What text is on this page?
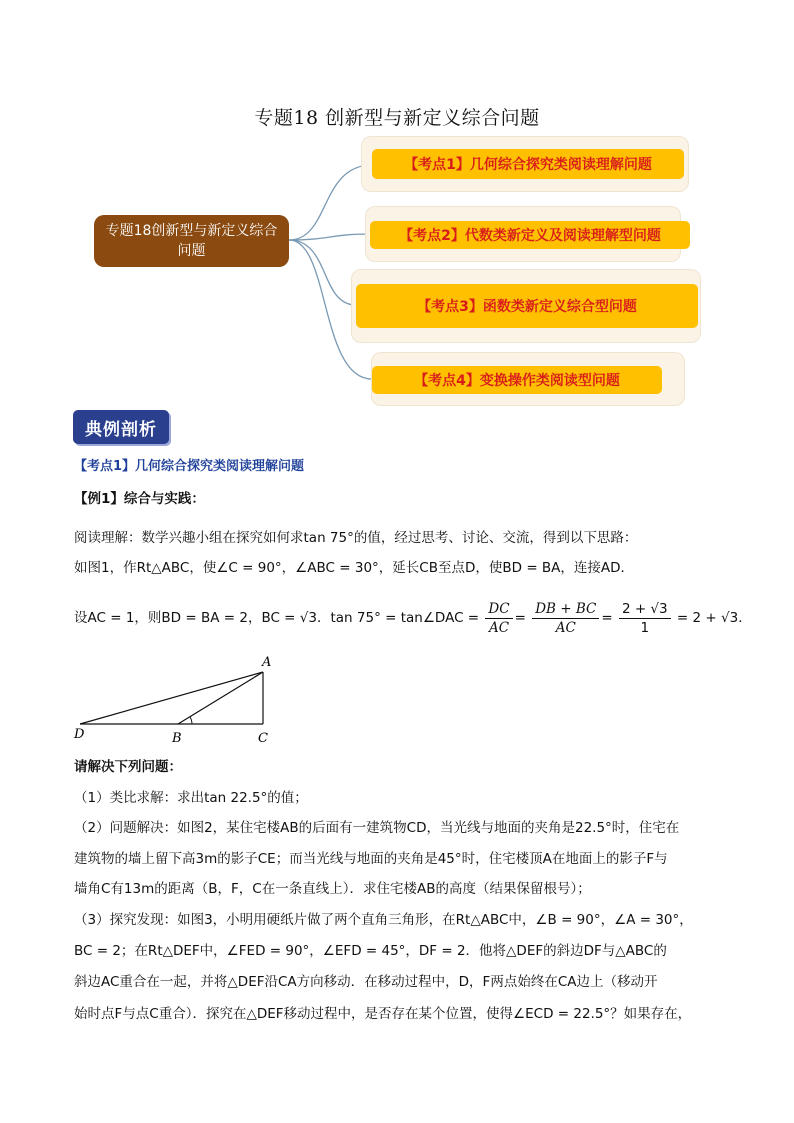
专题18 创新型与新定义综合问题
专题18创新型与新定义综合问题
【考点1】几何综合探究类阅读理解问题
【考点2】代数类新定义及阅读理解型问题
【考点3】函数类新定义综合型问题
【考点4】变换操作类阅读型问题
典例剖析
【考点1】几何综合探究类阅读理解问题
【例1】综合与实践：
阅读理解：数学兴趣小组在探究如何求tan 75°的值，经过思考、讨论、交流，得到以下思路：
如图1，作Rt△ABC，使∠C = 90°，∠ABC = 30°，延长CB至点D，使BD = BA，连接AD．
设AC = 1，则BD = BA = 2，BC = √3．tan 75° = tan∠DAC = $\frac{DC}{AC} = \frac{DB + BC}{AC} = \frac{2 + √3}{1} = 2 + √3$．
A
B	C
D
请解决下列问题：
（1）类比求解：求出tan 22.5°的值；
（2）问题解决：如图2，某住宅楼AB的后面有一建筑物CD，当光线与地面的夹角是22.5°时，住宅在
建筑物的墙上留下高3m的影子CE；而当光线与地面的夹角是45°时，住宅楼顶A在地面上的影子F与
墙角C有13m的距离（B，F，C在一条直线上）．求住宅楼AB的高度（结果保留根号）；
（3）探究发现：如图3，小明用硬纸片做了两个直角三角形，在Rt△ABC中，∠B = 90°，∠A = 30°，
BC = 2；在Rt△DEF中，∠FED = 90°，∠EFD = 45°，DF = 2．他将△DEF的斜边DF与△ABC的
斜边AC重合在一起，并将△DEF沿CA方向移动．在移动过程中，D，F两点始终在CA边上（移动开
始时点F与点C重合）．探究在△DEF移动过程中，是否存在某个位置，使得∠ECD = 22.5°？如果存在，
